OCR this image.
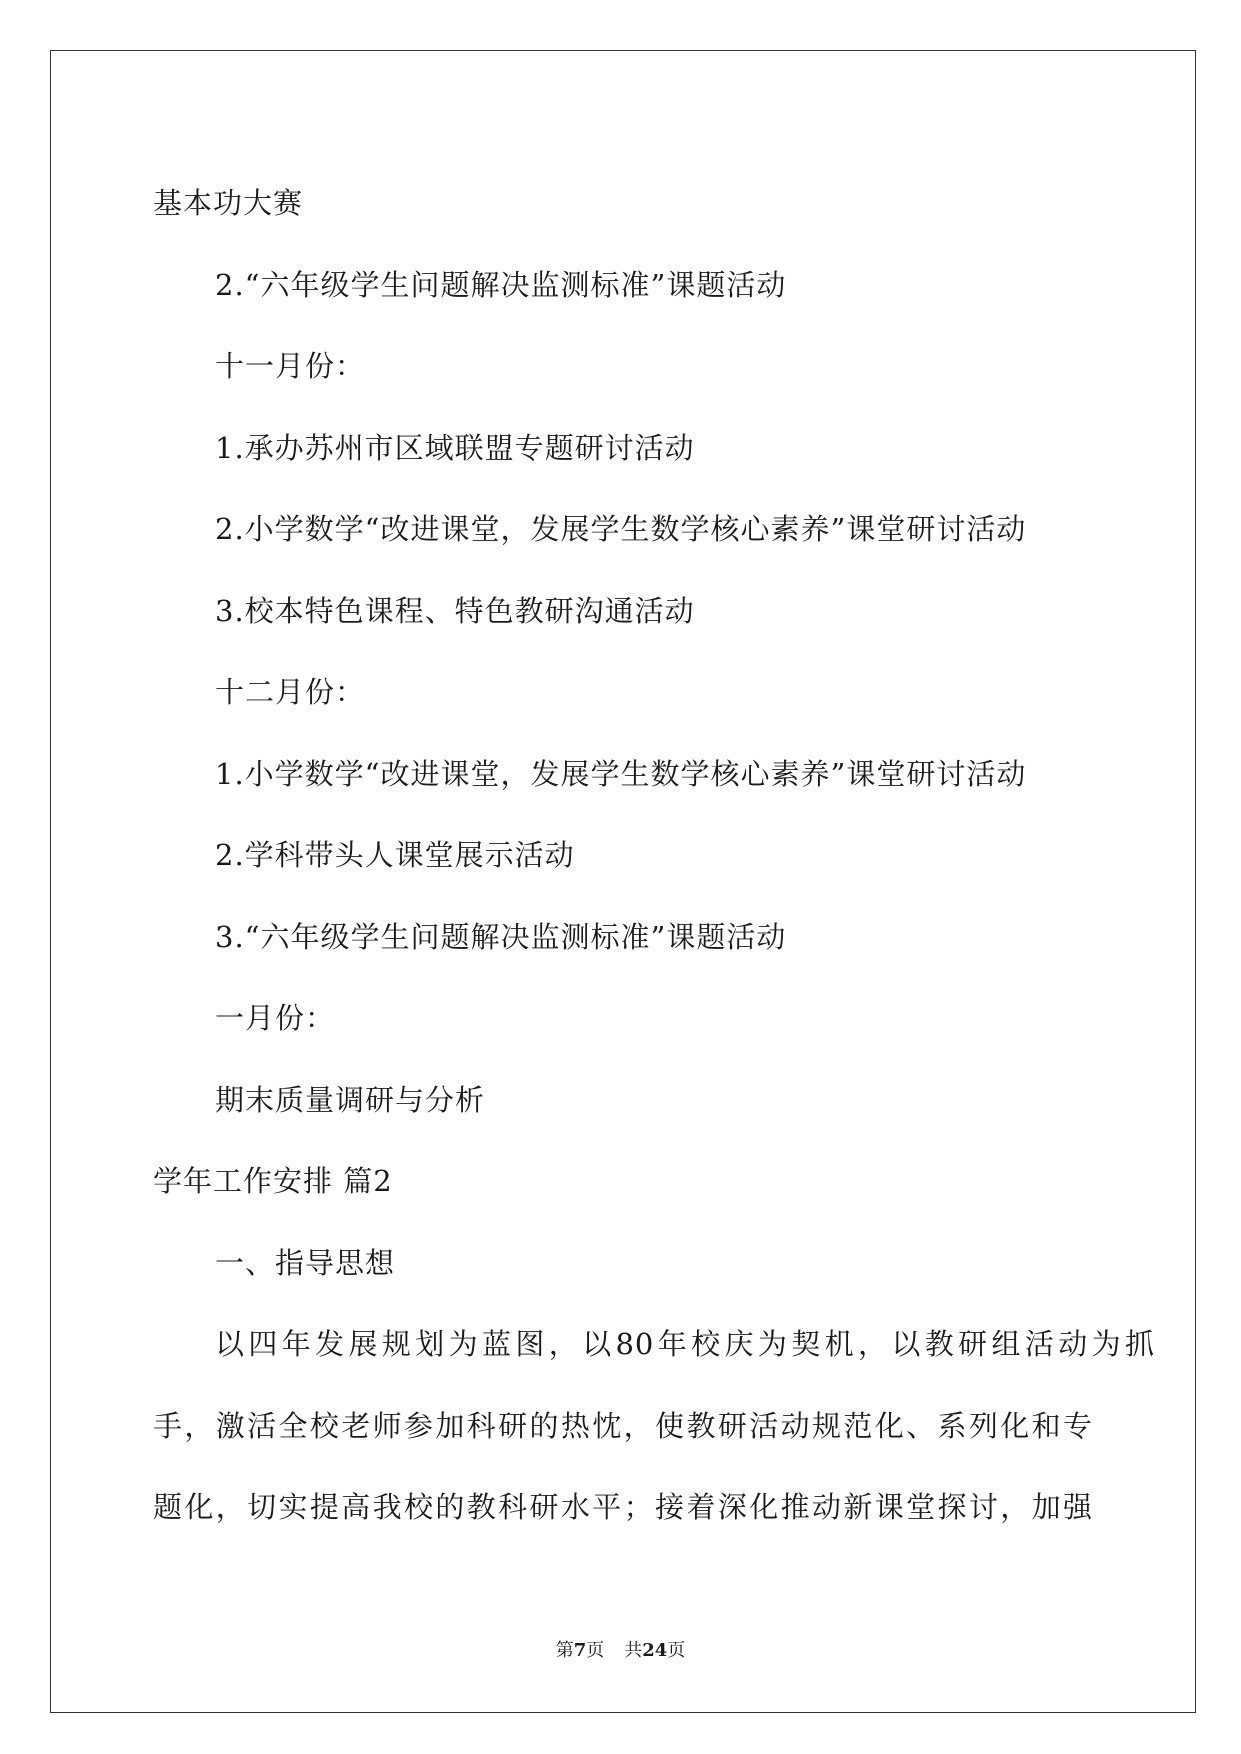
基本功大赛
2.“六年级学生问题解决监测标准”课题活动
十一月份：
1.承办苏州市区域联盟专题研讨活动
2.小学数学“改进课堂，发展学生数学核心素养”课堂研讨活动
3.校本特色课程、特色教研沟通活动
十二月份：
1.小学数学“改进课堂，发展学生数学核心素养”课堂研讨活动
2.学科带头人课堂展示活动
3.“六年级学生问题解决监测标准”课题活动
一月份：
期末质量调研与分析
学年工作安排 篇2
一、指导思想
以四年发展规划为蓝图，以80年校庆为契机，以教研组活动为抓
手，激活全校老师参加科研的热忱，使教研活动规范化、系列化和专
题化，切实提高我校的教科研水平；接着深化推动新课堂探讨，加强
第7页 共24页
